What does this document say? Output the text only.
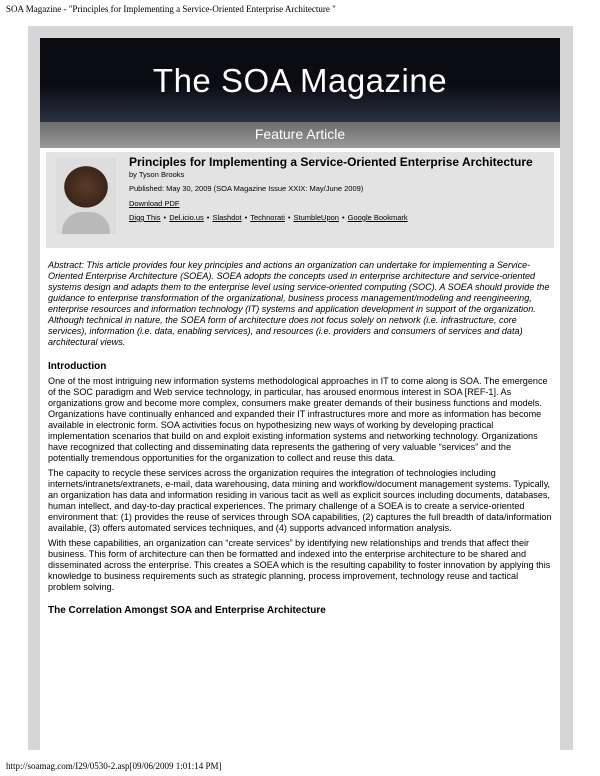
SOA Magazine - "Principles for Implementing a Service-Oriented Enterprise Architecture "
The SOA Magazine
Feature Article
Principles for Implementing a Service-Oriented Enterprise Architecture
by Tyson Brooks
Published: May 30, 2009 (SOA Magazine Issue XXIX: May/June 2009)
Download PDF
Digg This • Del.icio.us • Slashdot • Technorati • StumbleUpon • Google Bookmark

Abstract: This article provides four key principles and actions an organization can undertake for implementing a Service-Oriented Enterprise Architecture (SOEA). SOEA adopts the concepts used in enterprise architecture and service-oriented systems design and adapts them to the enterprise level using service-oriented computing (SOC). A SOEA should provide the guidance to enterprise transformation of the organizational, business process management/modeling and reengineering, enterprise resources and information technology (IT) systems and application development in support of the organization. Although technical in nature, the SOEA form of architecture does not focus solely on network (i.e. infrastructure, core services), information (i.e. data, enabling services), and resources (i.e. providers and consumers of services and data) architectural views.

Introduction

One of the most intriguing new information systems methodological approaches in IT to come along is SOA. The emergence of the SOC paradigm and Web service technology, in particular, has aroused enormous interest in SOA [REF-1]. As organizations grow and become more complex, consumers make greater demands of their business functions and models. Organizations have continually enhanced and expanded their IT infrastructures more and more as information has become available in electronic form. SOA activities focus on hypothesizing new ways of working by developing practical implementation scenarios that build on and exploit existing information systems and networking technology. Organizations have recognized that collecting and disseminating data represents the gathering of very valuable “services” and the potentially tremendous opportunities for the organization to collect and reuse this data.

The capacity to recycle these services across the organization requires the integration of technologies including internets/intranets/extranets, e-mail, data warehousing, data mining and workflow/document management systems. Typically, an organization has data and information residing in various tacit as well as explicit sources including documents, databases, human intellect, and day-to-day practical experiences. The primary challenge of a SOEA is to create a service-oriented environment that: (1) provides the reuse of services through SOA capabilities, (2) captures the full breadth of data/information available, (3) offers automated services techniques, and (4) supports advanced information analysis.

With these capabilities, an organization can “create services” by identifying new relationships and trends that affect their business. This form of architecture can then be formatted and indexed into the enterprise architecture to be shared and disseminated across the enterprise. This creates a SOEA which is the resulting capability to foster innovation by applying this knowledge to business requirements such as strategic planning, process improvement, technology reuse and tactical problem solving.

The Correlation Amongst SOA and Enterprise Architecture
http://soamag.com/I29/0530-2.asp[09/06/2009 1:01:14 PM]
